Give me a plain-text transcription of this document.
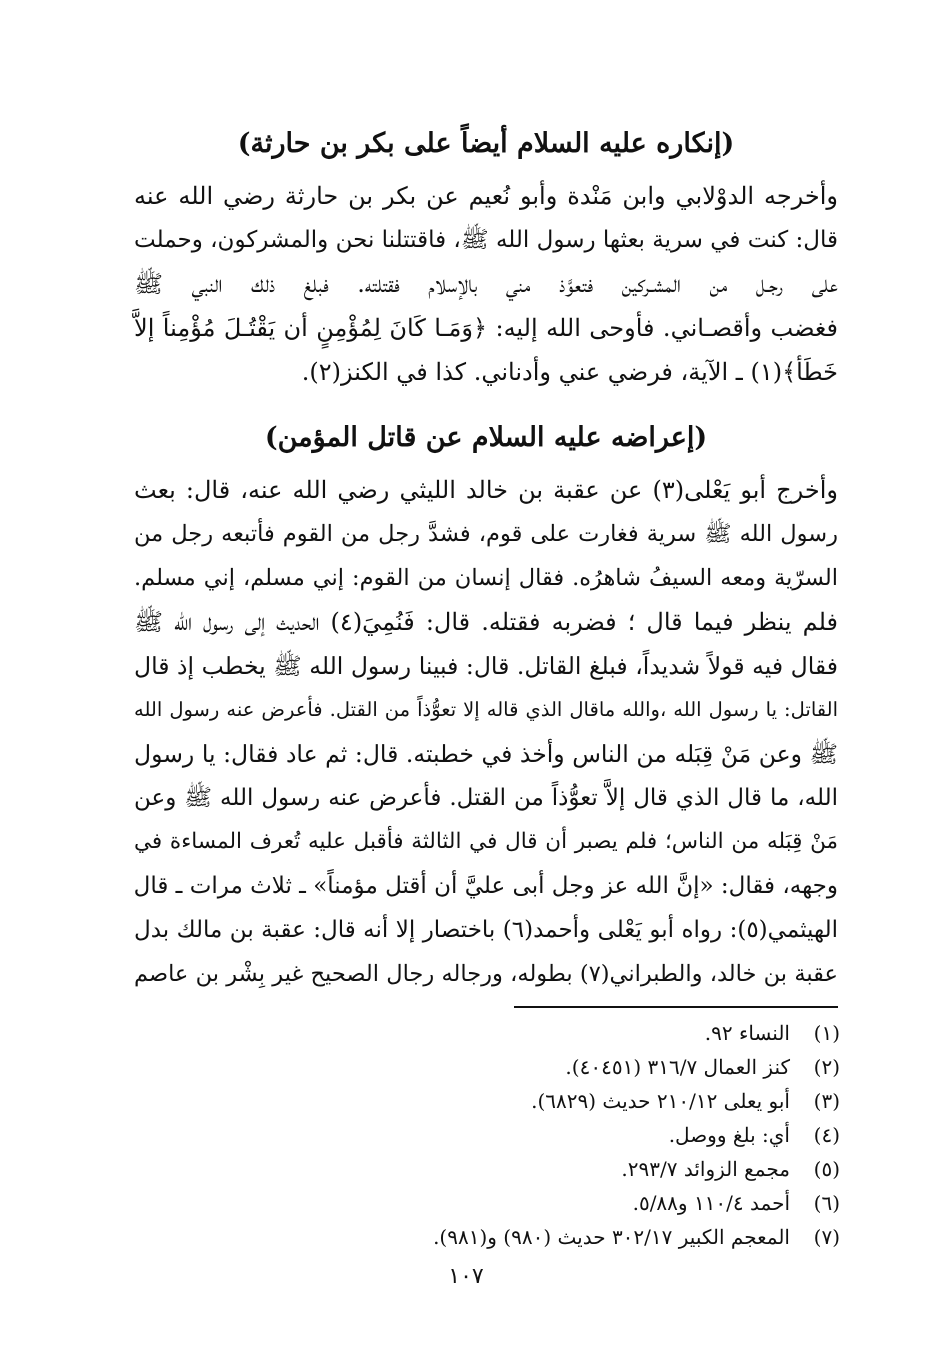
(إنكاره عليه السلام أيضاً على بكر بن حارثة)
وأخرجه الدوْلابي وابن مَنْدة وأبو نُعيم عن بكر بن حارثة رضي الله عنه
قال: كنت في سرية بعثها رسول الله ﷺ، فاقتتلنا نحن والمشركون، وحملت
على رجـل من المشـركين فتعوَّذ مني بالإسلام فقتلته. فبلغ ذلك النبي ﷺ
فغضب وأقصـاني. فأوحى الله إليه: ﴿وَمَـا كَانَ لِمُؤْمِنٍ أن يَقْتُـلَ مُؤْمِناً إلاَّ
خَطَأ﴾(١) ـ الآية، فرضي عني وأدناني. كذا في الكنز(٢).
(إعراضه عليه السلام عن قاتل المؤمن)
وأخرج أبو يَعْلى(٣) عن عقبة بن خالد الليثي رضي الله عنه، قال: بعث
رسول الله ﷺ سرية فغارت على قوم، فشدَّ رجل من القوم فأتبعه رجل من
السرّية ومعه السيفُ شاهرُه. فقال إنسان من القوم: إني مسلم، إني مسلم.
فلم ينظر فيما قال ؛ فضربه فقتله. قال: فَنُمِيَ(٤) الحديث إلى رسول الله ﷺ
فقال فيه قولاً شديداً، فبلغ القاتل. قال: فبينا رسول الله ﷺ يخطب إذ قال
القاتل: يا رسول الله ،والله ماقال الذي قاله إلا تعوُّذاً من القتل. فأعرض عنه رسول الله
ﷺ وعن مَنْ قِبَله من الناس وأخذ في خطبته. قال: ثم عاد فقال: يا رسول
الله، ما قال الذي قال إلاَّ تعوُّذاً من القتل. فأعرض عنه رسول الله ﷺ وعن
مَنْ قِبَله من الناس؛ فلم يصبر أن قال في الثالثة فأقبل عليه تُعرف المساءة في
وجهه، فقال: «إنَّ الله عز وجل أبى عليَّ أن أقتل مؤمناً» ـ ثلاث مرات ـ قال
الهيثمي(٥): رواه أبو يَعْلى وأحمد(٦) باختصار إلا أنه قال: عقبة بن مالك بدل
عقبة بن خالد، والطبراني(٧) بطوله، ورجاله رجال الصحيح غير بِشْر بن عاصم
(١)النساء ٩٢.
(٢)كنز العمال ٣١٦/٧ (٤٠٤٥١).
(٣)أبو يعلى ٢١٠/١٢ حديث (٦٨٢٩).
(٤)أي: بلغ ووصل.
(٥)مجمع الزوائد ٢٩٣/٧.
(٦)أحمد ١١٠/٤ و٥/٨٨.
(٧)المعجم الكبير ٣٠٢/١٧ حديث (٩٨٠) و(٩٨١).
١٠٧
